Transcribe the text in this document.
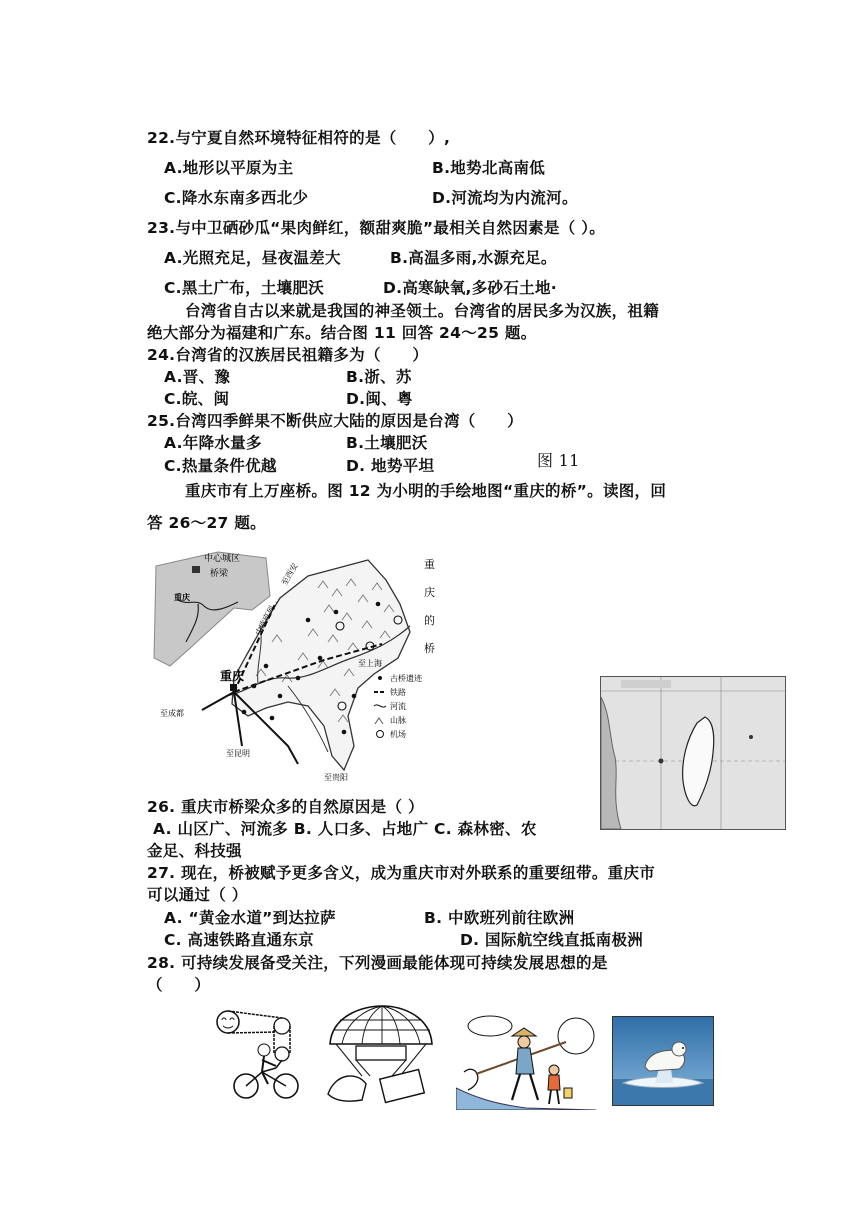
22.与宁夏自然环境特征相符的是（　　）,
A.地形以平原为主	B.地势北高南低
C.降水东南多西北少	D.河流均为内流河。
23.与中卫硒砂瓜“果肉鲜红，额甜爽脆”最相关自然因素是（ ）。
A.光照充足，昼夜温差大	B.高温多雨,水源充足。
C.黑土广布，土壤肥沃	D.高寒缺氧,多砂石土地·
台湾省自古以来就是我国的神圣领土。台湾省的居民多为汉族，祖籍
绝大部分为福建和广东。结合图 11 回答 24～25 题。
24.台湾省的汉族居民祖籍多为（　　）
A.晋、豫	B.浙、苏
C.皖、闽	D.闽、粤
25.台湾四季鲜果不断供应大陆的原因是台湾（　　）
A.年降水量多	B.土壤肥沃
C.热量条件优越	D. 地势平坦	图 11
重庆市有上万座桥。图 12 为小明的手绘地图“重庆的桥”。读图，回
答 26～27 题。
中心城区
桥梁
重庆
重庆
至西安
中欧班列
至上海
至成都
至昆明
至贵阳
重
庆
的
桥
古桥遗迹
铁路
河流
山脉
机场
26. 重庆市桥梁众多的自然原因是（ ）
A. 山区广、河流多 B. 人口多、占地广 C. 森林密、农
金足、科技强
27. 现在，桥被赋予更多含义，成为重庆市对外联系的重要纽带。重庆市
可以通过（ ）
A. “黄金水道”到达拉萨	B. 中欧班列前往欧洲
C. 高速铁路直通东京	D. 国际航空线直抵南极洲
28. 可持续发展备受关注，下列漫画最能体现可持续发展思想的是
（　　）
